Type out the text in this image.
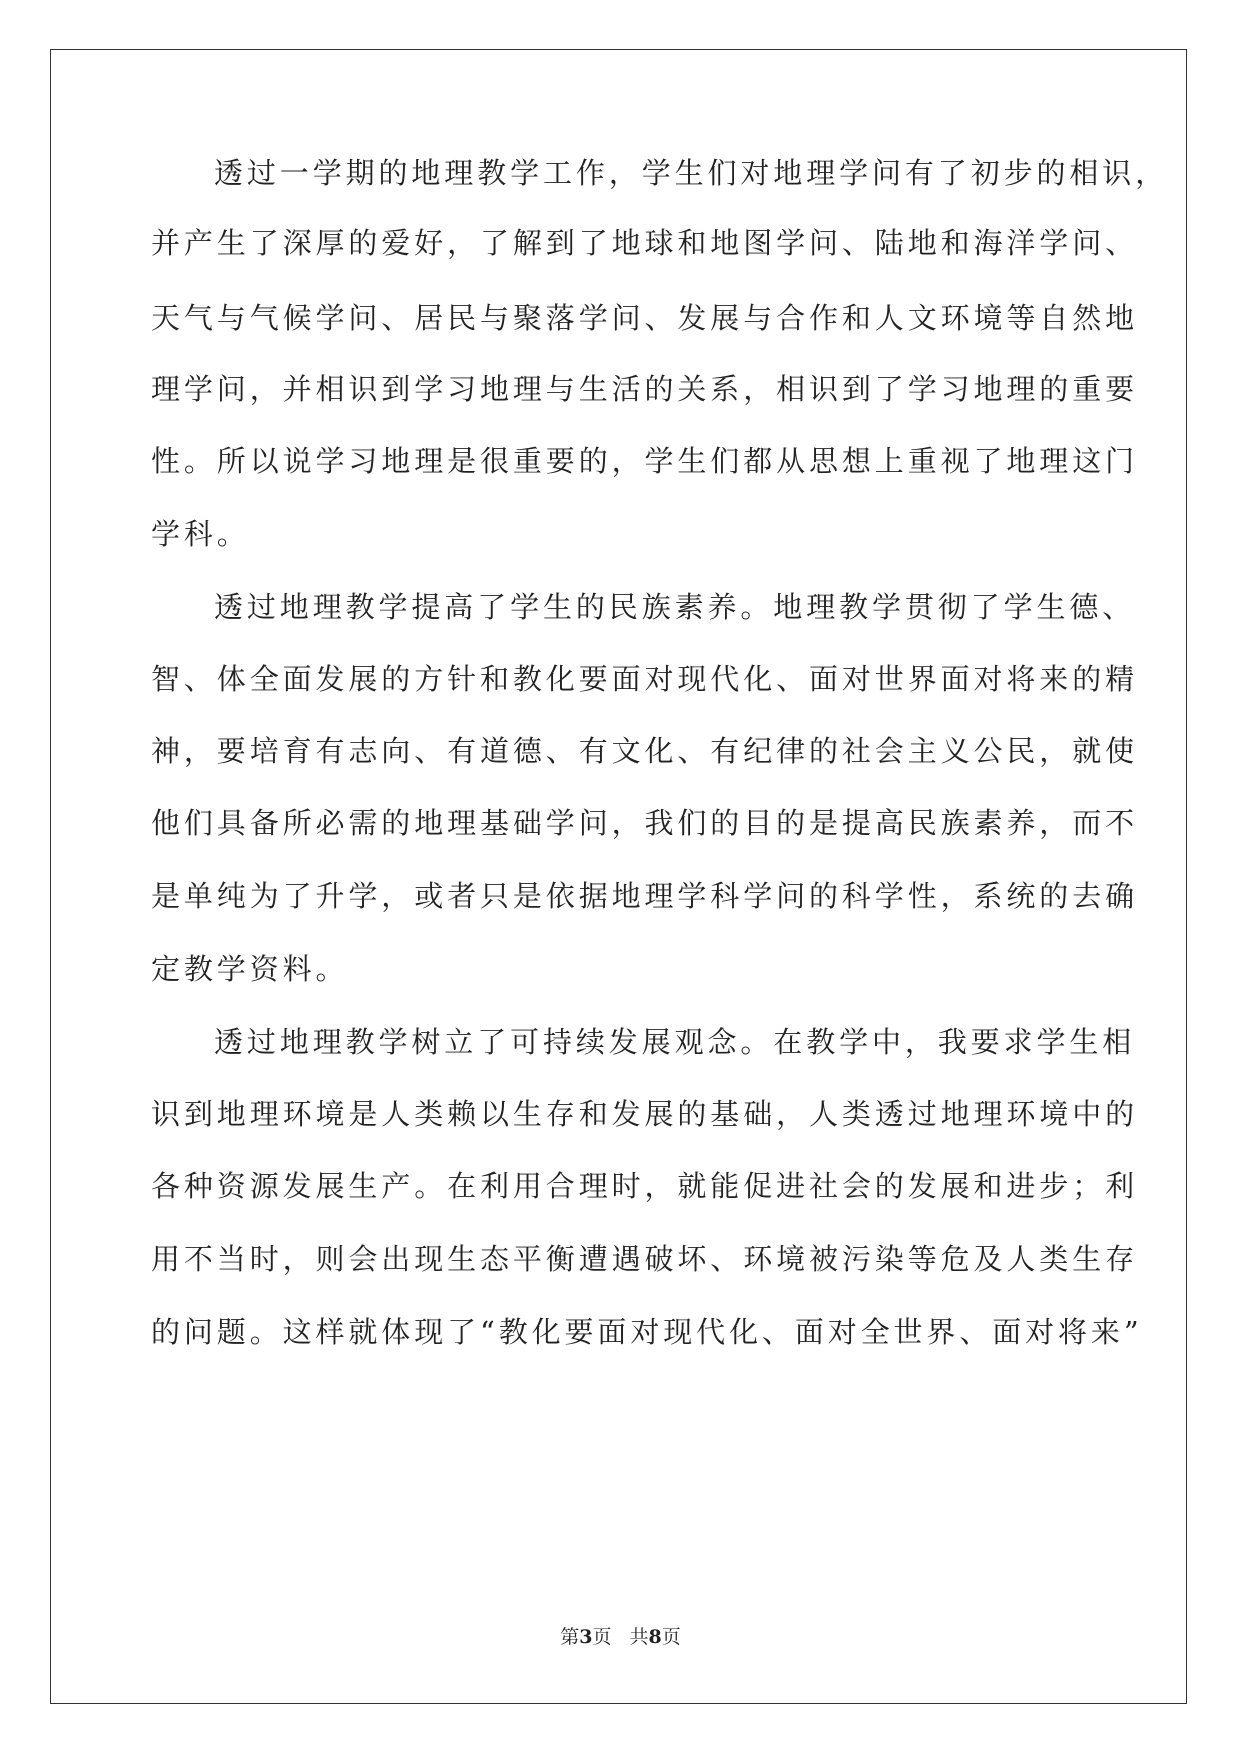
透过一学期的地理教学工作，学生们对地理学问有了初步的相识，
并产生了深厚的爱好，了解到了地球和地图学问、陆地和海洋学问、
天气与气候学问、居民与聚落学问、发展与合作和人文环境等自然地
理学问，并相识到学习地理与生活的关系，相识到了学习地理的重要
性。所以说学习地理是很重要的，学生们都从思想上重视了地理这门
学科。
透过地理教学提高了学生的民族素养。地理教学贯彻了学生德、
智、体全面发展的方针和教化要面对现代化、面对世界面对将来的精
神，要培育有志向、有道德、有文化、有纪律的社会主义公民，就使
他们具备所必需的地理基础学问，我们的目的是提高民族素养，而不
是单纯为了升学，或者只是依据地理学科学问的科学性，系统的去确
定教学资料。
透过地理教学树立了可持续发展观念。在教学中，我要求学生相
识到地理环境是人类赖以生存和发展的基础，人类透过地理环境中的
各种资源发展生产。在利用合理时，就能促进社会的发展和进步；利
用不当时，则会出现生态平衡遭遇破坏、环境被污染等危及人类生存
的问题。这样就体现了“教化要面对现代化、面对全世界、面对将来”
第3页 共8页
